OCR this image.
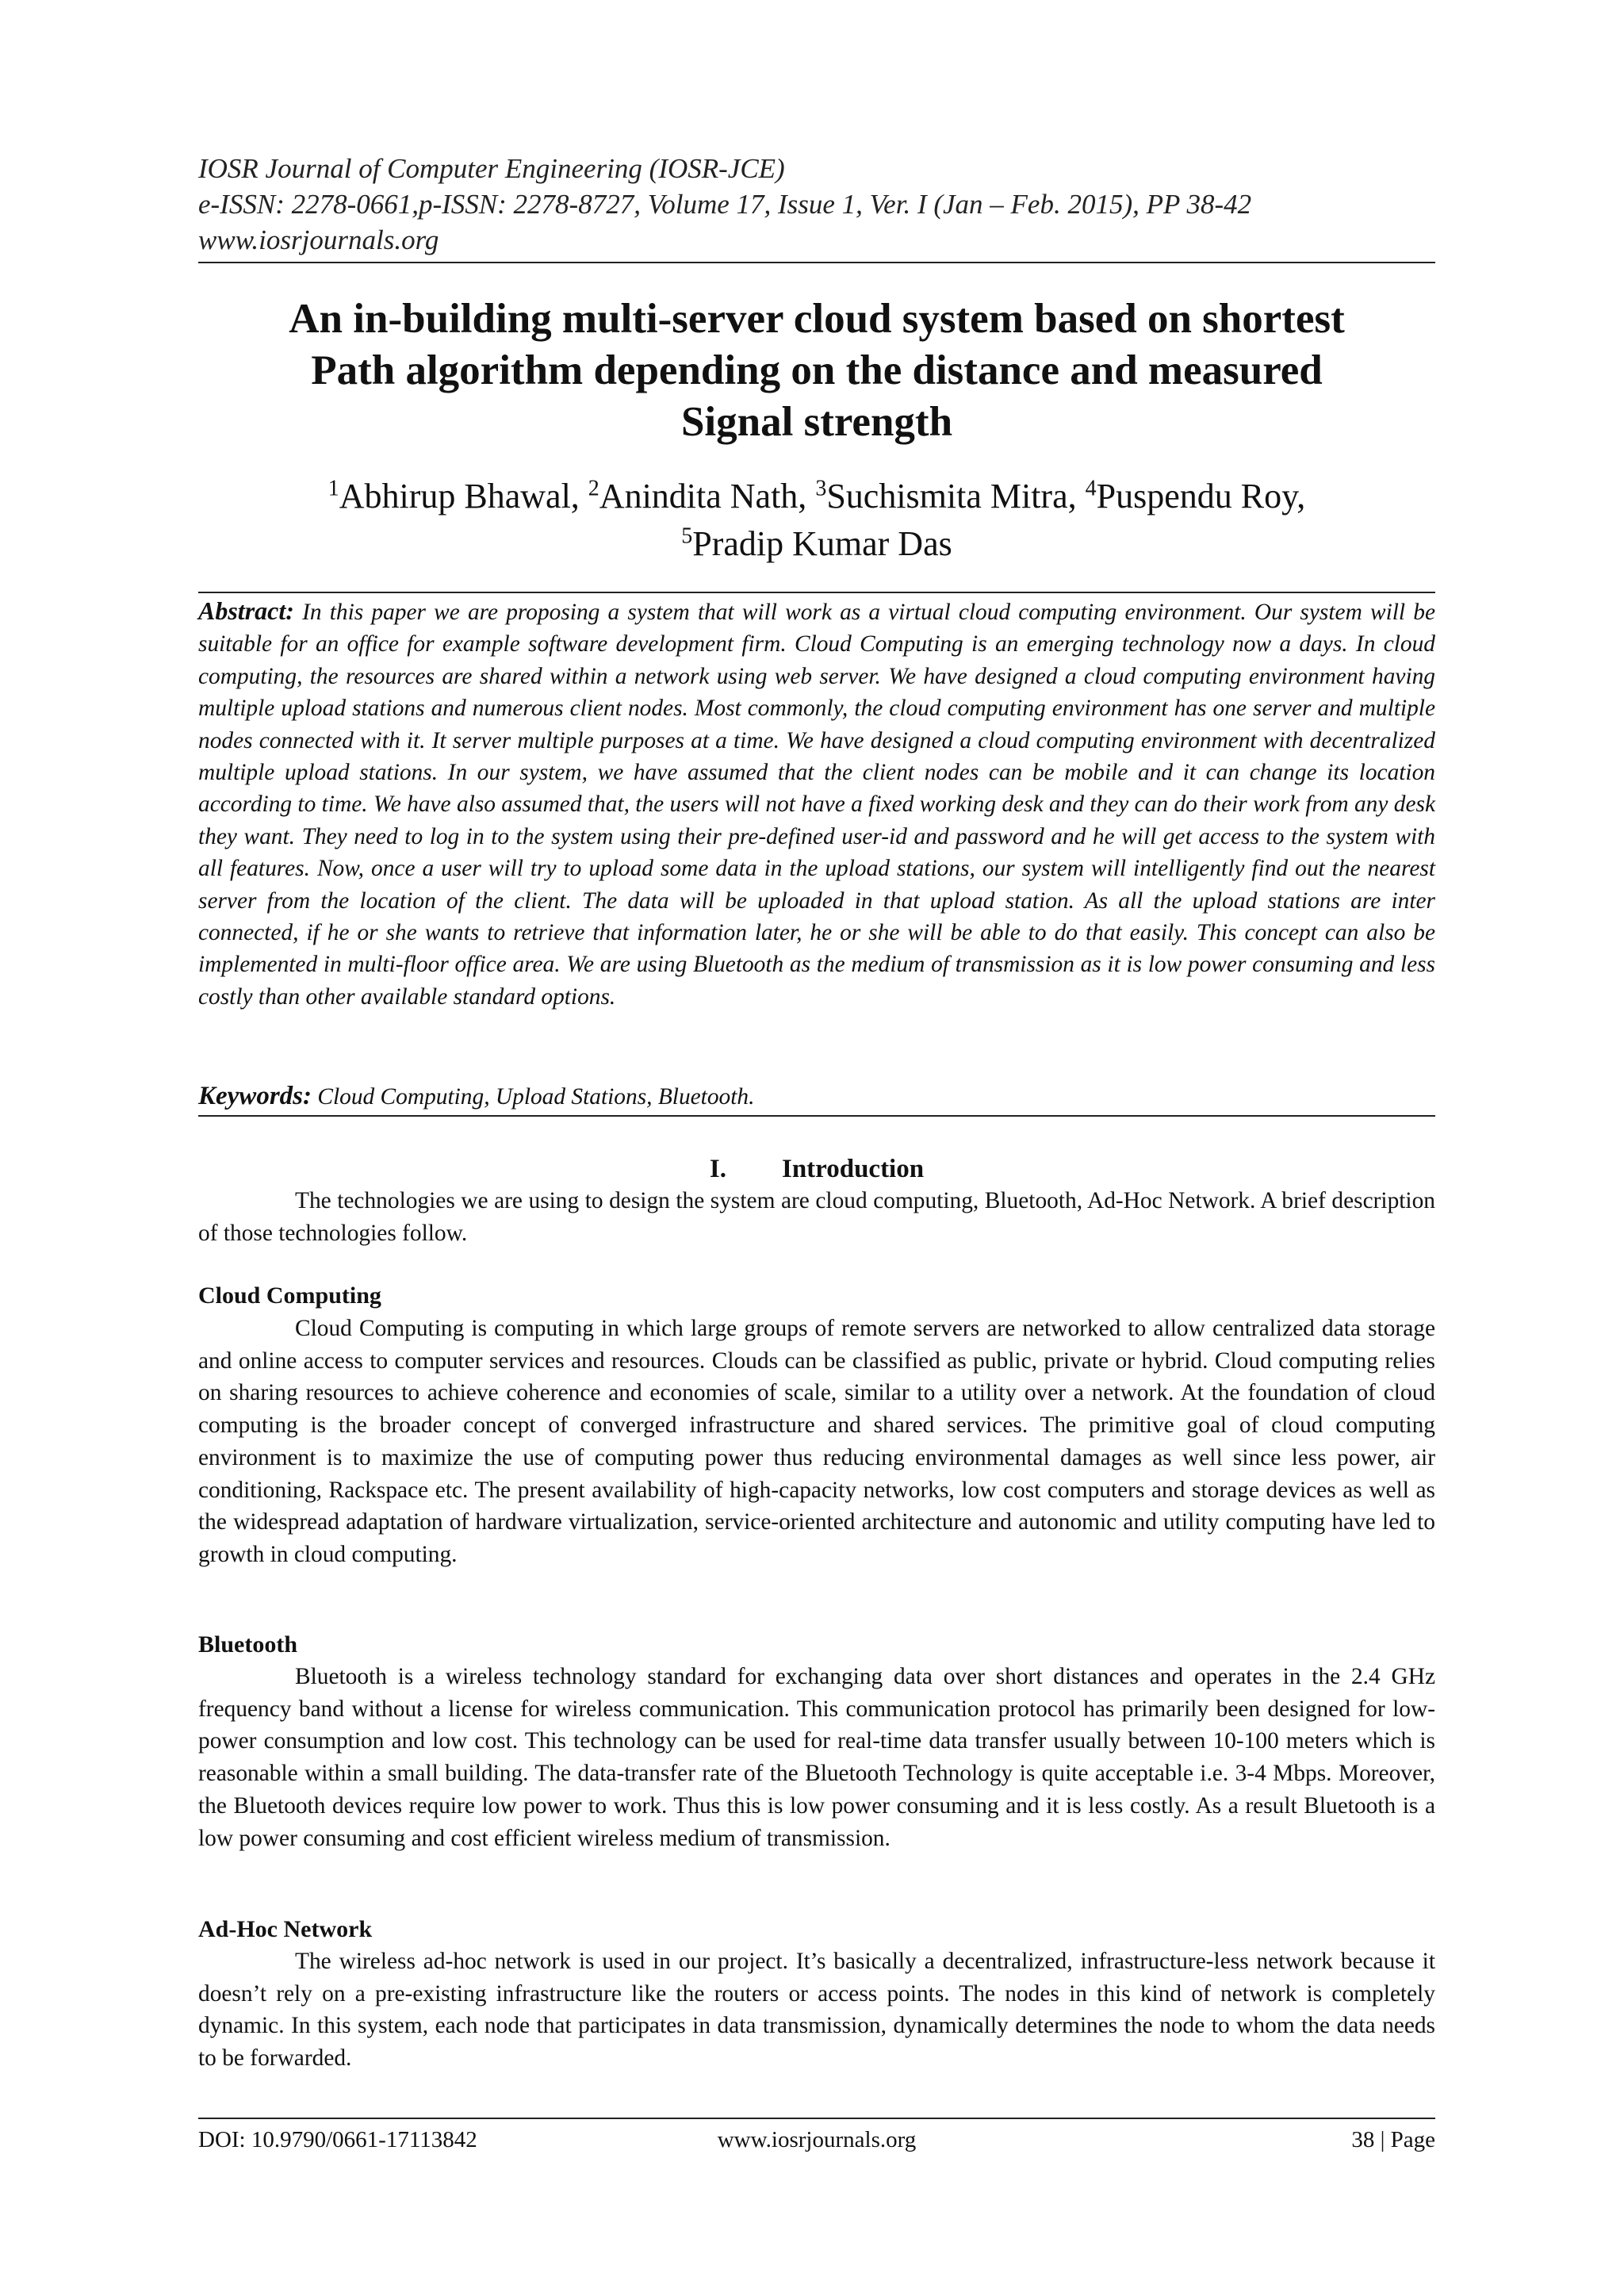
IOSR Journal of Computer Engineering (IOSR-JCE)
e-ISSN: 2278-0661,p-ISSN: 2278-8727, Volume 17, Issue 1, Ver. I (Jan – Feb. 2015), PP 38-42
www.iosrjournals.org
An in-building multi-server cloud system based on shortest
Path algorithm depending on the distance and measured
Signal strength
$^1$Abhirup Bhawal, $^2$Anindita Nath, $^3$Suchismita Mitra, $^4$Puspendu Roy,
$^5$Pradip Kumar Das
Abstract: In this paper we are proposing a system that will work as a virtual cloud computing environment. Our system will be suitable for an office for example software development firm. Cloud Computing is an emerging technology now a days. In cloud computing, the resources are shared within a network using web server. We have designed a cloud computing environment having multiple upload stations and numerous client nodes. Most commonly, the cloud computing environment has one server and multiple nodes connected with it. It server multiple purposes at a time. We have designed a cloud computing environment with decentralized multiple upload stations. In our system, we have assumed that the client nodes can be mobile and it can change its location according to time. We have also assumed that, the users will not have a fixed working desk and they can do their work from any desk they want. They need to log in to the system using their pre-defined user-id and password and he will get access to the system with all features. Now, once a user will try to upload some data in the upload stations, our system will intelligently find out the nearest server from the location of the client. The data will be uploaded in that upload station. As all the upload stations are inter connected, if he or she wants to retrieve that information later, he or she will be able to do that easily. This concept can also be implemented in multi-floor office area. We are using Bluetooth as the medium of transmission as it is low power consuming and less costly than other available standard options.
Keywords: Cloud Computing, Upload Stations, Bluetooth.
I. Introduction
The technologies we are using to design the system are cloud computing, Bluetooth, Ad-Hoc Network. A brief description of those technologies follow.
Cloud Computing
Cloud Computing is computing in which large groups of remote servers are networked to allow centralized data storage and online access to computer services and resources. Clouds can be classified as public, private or hybrid. Cloud computing relies on sharing resources to achieve coherence and economies of scale, similar to a utility over a network. At the foundation of cloud computing is the broader concept of converged infrastructure and shared services. The primitive goal of cloud computing environment is to maximize the use of computing power thus reducing environmental damages as well since less power, air conditioning, Rackspace etc. The present availability of high-capacity networks, low cost computers and storage devices as well as the widespread adaptation of hardware virtualization, service-oriented architecture and autonomic and utility computing have led to growth in cloud computing.
Bluetooth
Bluetooth is a wireless technology standard for exchanging data over short distances and operates in the 2.4 GHz frequency band without a license for wireless communication. This communication protocol has primarily been designed for low-power consumption and low cost. This technology can be used for real-time data transfer usually between 10-100 meters which is reasonable within a small building. The data-transfer rate of the Bluetooth Technology is quite acceptable i.e. 3-4 Mbps. Moreover, the Bluetooth devices require low power to work. Thus this is low power consuming and it is less costly. As a result Bluetooth is a low power consuming and cost efficient wireless medium of transmission.
Ad-Hoc Network
The wireless ad-hoc network is used in our project. It’s basically a decentralized, infrastructure-less network because it doesn’t rely on a pre-existing infrastructure like the routers or access points. The nodes in this kind of network is completely dynamic. In this system, each node that participates in data transmission, dynamically determines the node to whom the data needs to be forwarded.
DOI: 10.9790/0661-17113842	www.iosrjournals.org	38 | Page
